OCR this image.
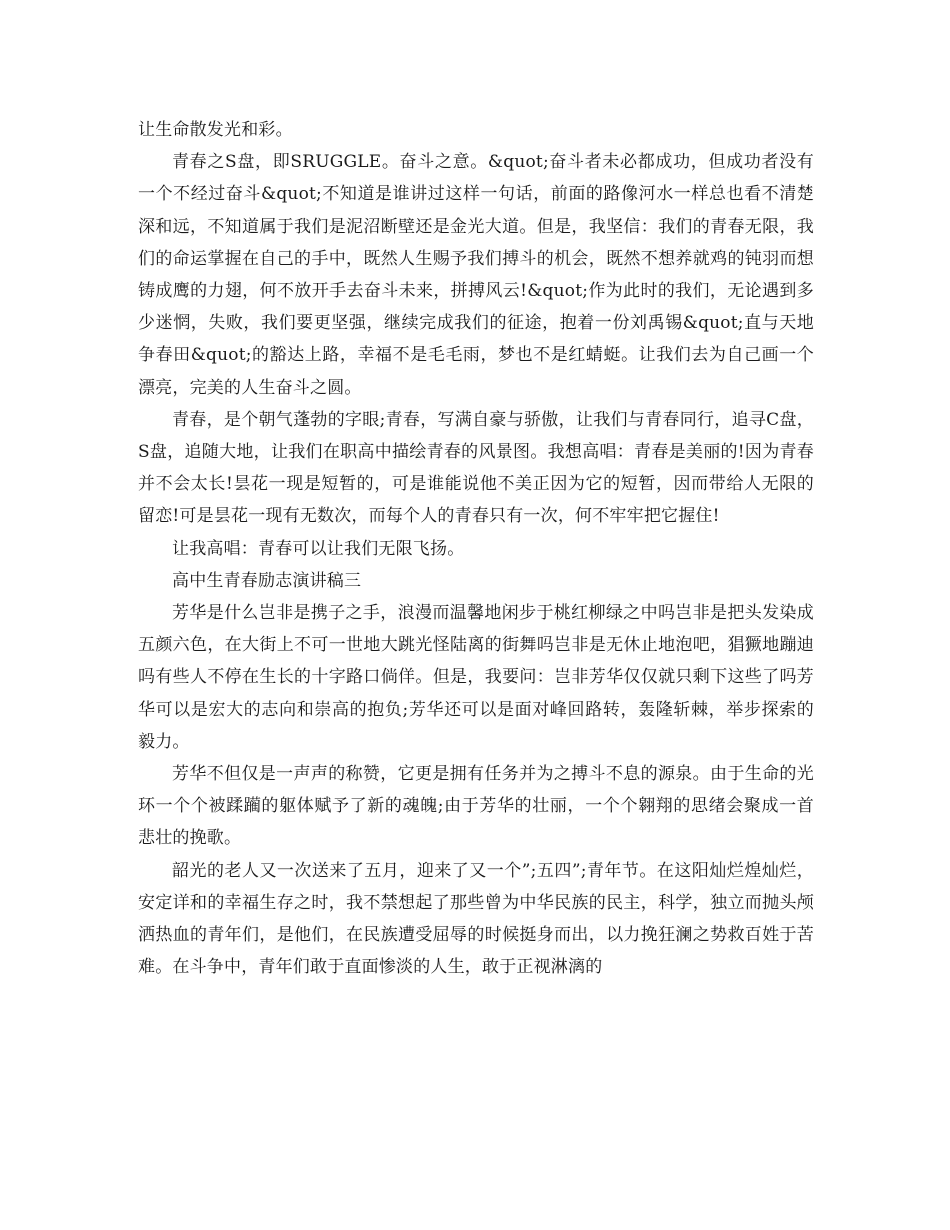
让生命散发光和彩。

青春之S盘，即SRUGGLE。奋斗之意。&quot;奋斗者未必都成功，但成功者没有一个不经过奋斗&quot;不知道是谁讲过这样一句话，前面的路像河水一样总也看不清楚深和远，不知道属于我们是泥沼断壁还是金光大道。但是，我坚信：我们的青春无限，我们的命运掌握在自己的手中，既然人生赐予我们搏斗的机会，既然不想养就鸡的钝羽而想铸成鹰的力翅，何不放开手去奋斗未来，拼搏风云!&quot;作为此时的我们，无论遇到多少迷惘，失败，我们要更坚强，继续完成我们的征途，抱着一份刘禹锡&quot;直与天地争春田&quot;的豁达上路，幸福不是毛毛雨，梦也不是红蜻蜓。让我们去为自己画一个漂亮，完美的人生奋斗之圆。

青春，是个朝气蓬勃的字眼;青春，写满自豪与骄傲，让我们与青春同行，追寻C盘，S盘，追随大地，让我们在职高中描绘青春的风景图。我想高唱：青春是美丽的!因为青春并不会太长!昙花一现是短暂的，可是谁能说他不美正因为它的短暂，因而带给人无限的留恋!可是昙花一现有无数次，而每个人的青春只有一次，何不牢牢把它握住!

让我高唱：青春可以让我们无限飞扬。

高中生青春励志演讲稿三

芳华是什么岂非是携子之手，浪漫而温馨地闲步于桃红柳绿之中吗岂非是把头发染成五颜六色，在大街上不可一世地大跳光怪陆离的街舞吗岂非是无休止地泡吧，猖獗地蹦迪吗有些人不停在生长的十字路口倘佯。但是，我要问：岂非芳华仅仅就只剩下这些了吗芳华可以是宏大的志向和崇高的抱负;芳华还可以是面对峰回路转，轰隆斩棘，举步探索的毅力。

芳华不但仅是一声声的称赞，它更是拥有任务并为之搏斗不息的源泉。由于生命的光环一个个被蹂躏的躯体赋予了新的魂魄;由于芳华的壮丽，一个个翱翔的思绪会聚成一首悲壮的挽歌。

韶光的老人又一次送来了五月，迎来了又一个”;五四”;青年节。在这阳灿烂煌灿烂，安定详和的幸福生存之时，我不禁想起了那些曾为中华民族的民主，科学，独立而抛头颅洒热血的青年们，是他们，在民族遭受屈辱的时候挺身而出，以力挽狂澜之势救百姓于苦难。在斗争中，青年们敢于直面惨淡的人生，敢于正视淋漓的
